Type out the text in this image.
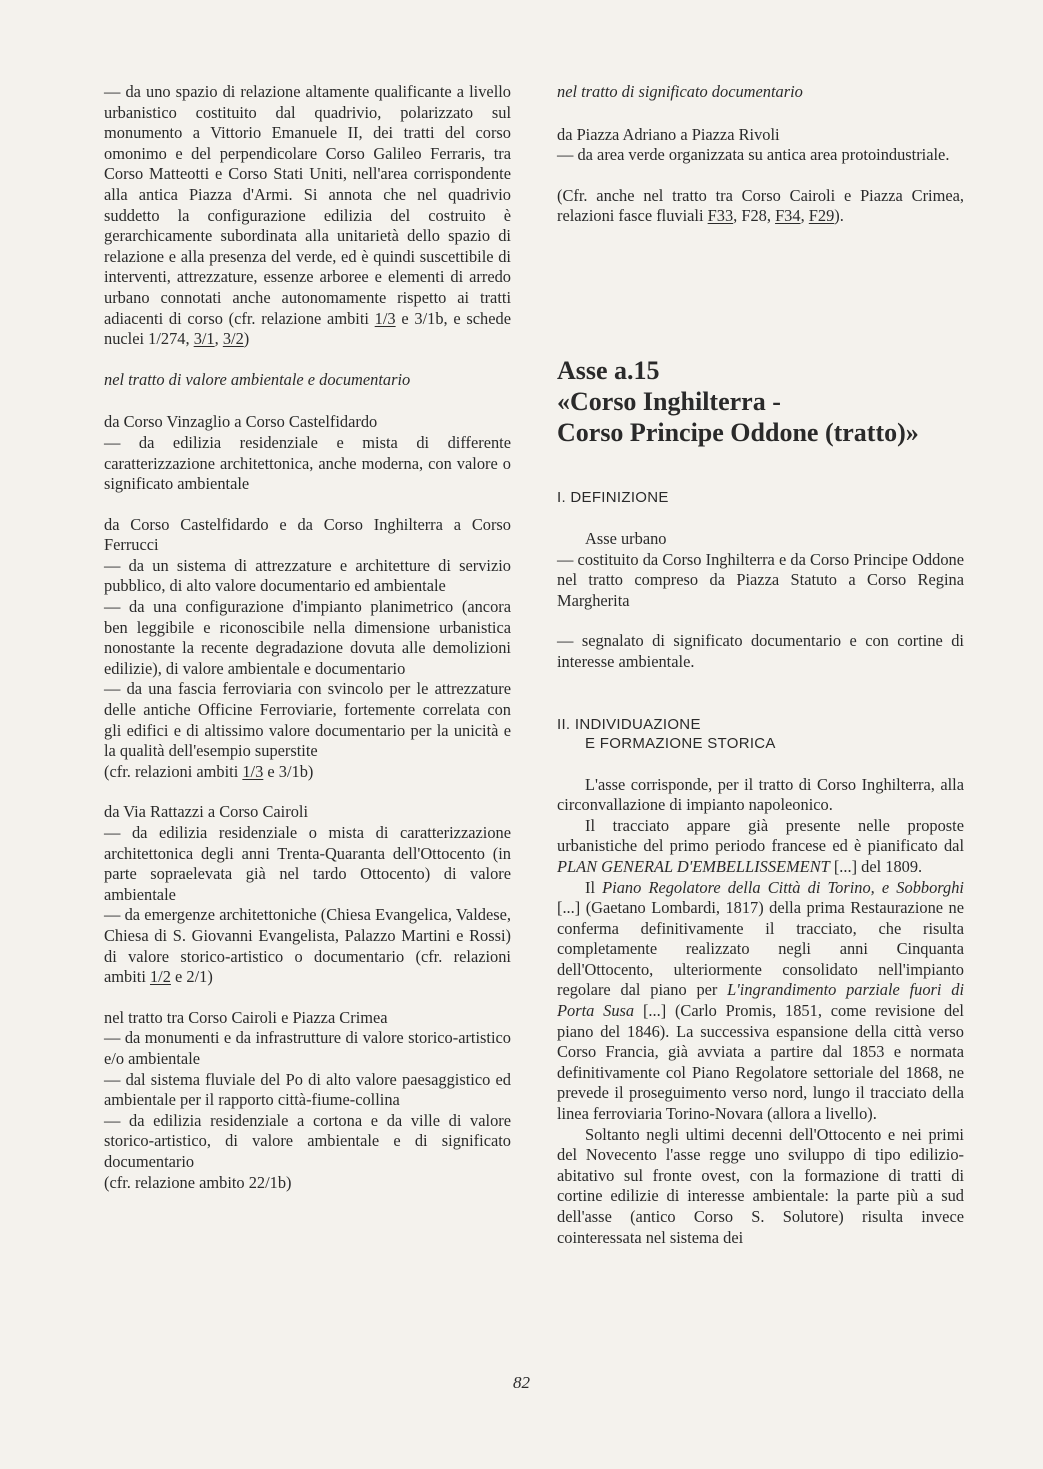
— da uno spazio di relazione altamente qualificante a livello urbanistico costituito dal quadrivio, polarizzato sul monumento a Vittorio Emanuele II, dei tratti del corso omonimo e del perpendicolare Corso Galileo Ferraris, tra Corso Matteotti e Corso Stati Uniti, nell'area corrispondente alla antica Piazza d'Armi. Si annota che nel quadrivio suddetto la configurazione edilizia del costruito è gerarchicamente subordinata alla unitarietà dello spazio di relazione e alla presenza del verde, ed è quindi suscettibile di interventi, attrezzature, essenze arboree e elementi di arredo urbano connotati anche autonomamente rispetto ai tratti adiacenti di corso (cfr. relazione ambiti 1/3 e 3/1b, e schede nuclei 1/274, 3/1, 3/2)

nel tratto di valore ambientale e documentario

da Corso Vinzaglio a Corso Castelfidardo

— da edilizia residenziale e mista di differente caratterizzazione architettonica, anche moderna, con valore o significato ambientale

da Corso Castelfidardo e da Corso Inghilterra a Corso Ferrucci

— da un sistema di attrezzature e architetture di servizio pubblico, di alto valore documentario ed ambientale

— da una configurazione d'impianto planimetrico (ancora ben leggibile e riconoscibile nella dimensione urbanistica nonostante la recente degradazione dovuta alle demolizioni edilizie), di valore ambientale e documentario

— da una fascia ferroviaria con svincolo per le attrezzature delle antiche Officine Ferroviarie, fortemente correlata con gli edifici e di altissimo valore documentario per la unicità e la qualità dell'esempio superstite

(cfr. relazioni ambiti 1/3 e 3/1b)

da Via Rattazzi a Corso Cairoli

— da edilizia residenziale o mista di caratterizzazione architettonica degli anni Trenta-Quaranta dell'Ottocento (in parte sopraelevata già nel tardo Ottocento) di valore ambientale

— da emergenze architettoniche (Chiesa Evangelica, Valdese, Chiesa di S. Giovanni Evangelista, Palazzo Martini e Rossi) di valore storico-artistico o documentario (cfr. relazioni ambiti 1/2 e 2/1)

nel tratto tra Corso Cairoli e Piazza Crimea

— da monumenti e da infrastrutture di valore storico-artistico e/o ambientale

— dal sistema fluviale del Po di alto valore paesaggistico ed ambientale per il rapporto città-fiume-collina

— da edilizia residenziale a cortona e da ville di valore storico-artistico, di valore ambientale e di significato documentario

(cfr. relazione ambito 22/1b)

nel tratto di significato documentario

da Piazza Adriano a Piazza Rivoli

— da area verde organizzata su antica area protoindustriale.

(Cfr. anche nel tratto tra Corso Cairoli e Piazza Crimea, relazioni fasce fluviali F33, F28, F34, F29).

Asse a.15

«Corso Inghilterra -

Corso Principe Oddone (tratto)»

I. DEFINIZIONE

Asse urbano

— costituito da Corso Inghilterra e da Corso Principe Oddone nel tratto compreso da Piazza Statuto a Corso Regina Margherita

— segnalato di significato documentario e con cortine di interesse ambientale.

II. INDIVIDUAZIONE

E FORMAZIONE STORICA

L'asse corrisponde, per il tratto di Corso Inghilterra, alla circonvallazione di impianto napoleonico.

Il tracciato appare già presente nelle proposte urbanistiche del primo periodo francese ed è pianificato dal PLAN GENERAL D'EMBELLISSEMENT [...] del 1809.

Il Piano Regolatore della Città di Torino, e Sobborghi [...] (Gaetano Lombardi, 1817) della prima Restaurazione ne conferma definitivamente il tracciato, che risulta completamente realizzato negli anni Cinquanta dell'Ottocento, ulteriormente consolidato nell'impianto regolare dal piano per L'ingrandimento parziale fuori di Porta Susa [...] (Carlo Promis, 1851, come revisione del piano del 1846). La successiva espansione della città verso Corso Francia, già avviata a partire dal 1853 e normata definitivamente col Piano Regolatore settoriale del 1868, ne prevede il proseguimento verso nord, lungo il tracciato della linea ferroviaria Torino-Novara (allora a livello).

Soltanto negli ultimi decenni dell'Ottocento e nei primi del Novecento l'asse regge uno sviluppo di tipo edilizio-abitativo sul fronte ovest, con la formazione di tratti di cortine edilizie di interesse ambientale: la parte più a sud dell'asse (antico Corso S. Solutore) risulta invece cointeressata nel sistema dei

82
